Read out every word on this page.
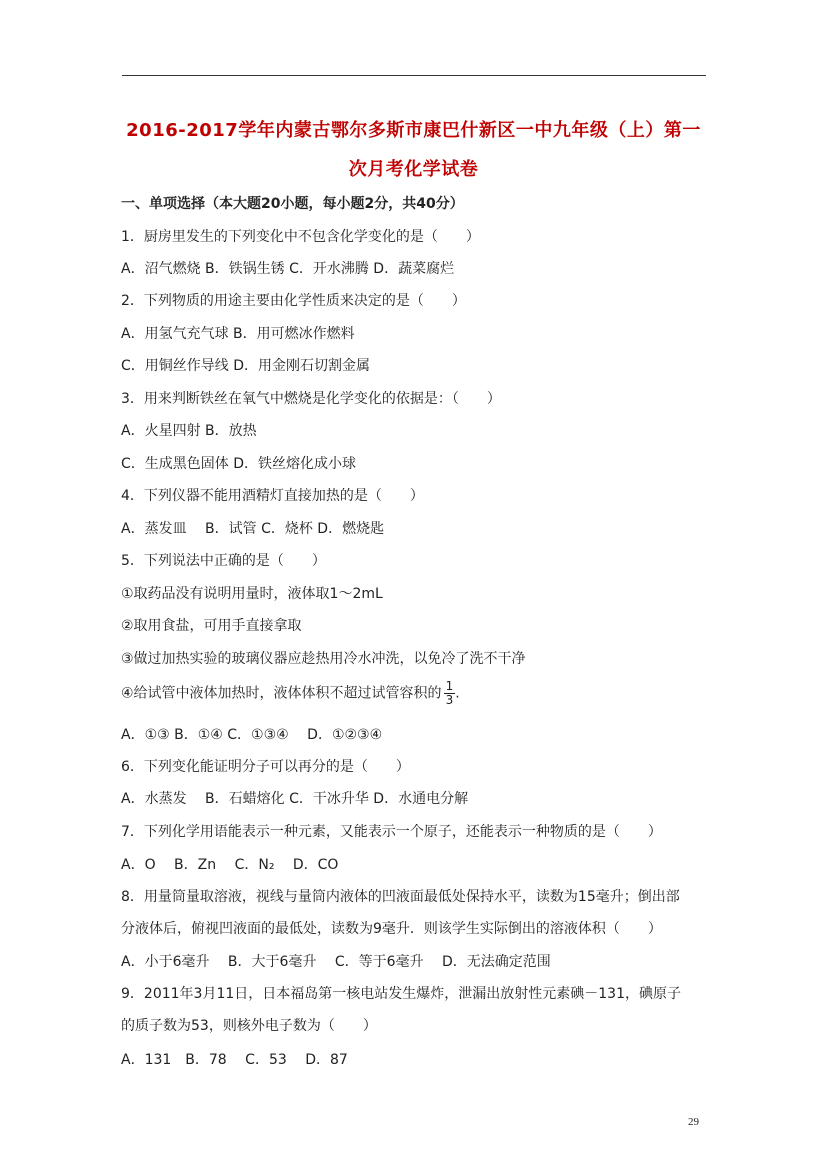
2016-2017学年内蒙古鄂尔多斯市康巴什新区一中九年级（上）第一
次月考化学试卷
一、单项选择（本大题20小题，每小题2分，共40分）
1．厨房里发生的下列变化中不包含化学变化的是（　　）
A．沼气燃烧 B．铁锅生锈 C．开水沸腾 D．蔬菜腐烂
2．下列物质的用途主要由化学性质来决定的是（　　）
A．用氢气充气球 B．用可燃冰作燃料
C．用铜丝作导线 D．用金刚石切割金属
3．用来判断铁丝在氧气中燃烧是化学变化的依据是：（　　）
A．火星四射 B．放热
C．生成黑色固体 D．铁丝熔化成小球
4．下列仪器不能用酒精灯直接加热的是（　　）
A．蒸发皿　 B．试管 C．烧杯 D．燃烧匙
5．下列说法中正确的是（　　）
①取药品没有说明用量时，液体取1～2mL
②取用食盐，可用手直接拿取
③做过加热实验的玻璃仪器应趁热用冷水冲洗，以免冷了洗不干净
④给试管中液体加热时，液体体积不超过试管容积的 $\frac{1}{3}$ .
A．①③ B．①④ C．①③④　 D．①②③④
6．下列变化能证明分子可以再分的是（　　）
A．水蒸发　 B．石蜡熔化 C．干冰升华 D．水通电分解
7．下列化学用语能表示一种元素，又能表示一个原子，还能表示一种物质的是（　　）
A．O　 B．Zn　 C．N₂　 D．CO
8．用量筒量取溶液，视线与量筒内液体的凹液面最低处保持水平，读数为15毫升；倒出部
分液体后，俯视凹液面的最低处，读数为9毫升．则该学生实际倒出的溶液体积（　　）
A．小于6毫升　 B．大于6毫升　 C．等于6毫升　 D．无法确定范围
9．2011年3月11日，日本福岛第一核电站发生爆炸，泄漏出放射性元素碘－131，碘原子
的质子数为53，则核外电子数为（　　）
A．131　B．78　 C．53　 D．87
29
